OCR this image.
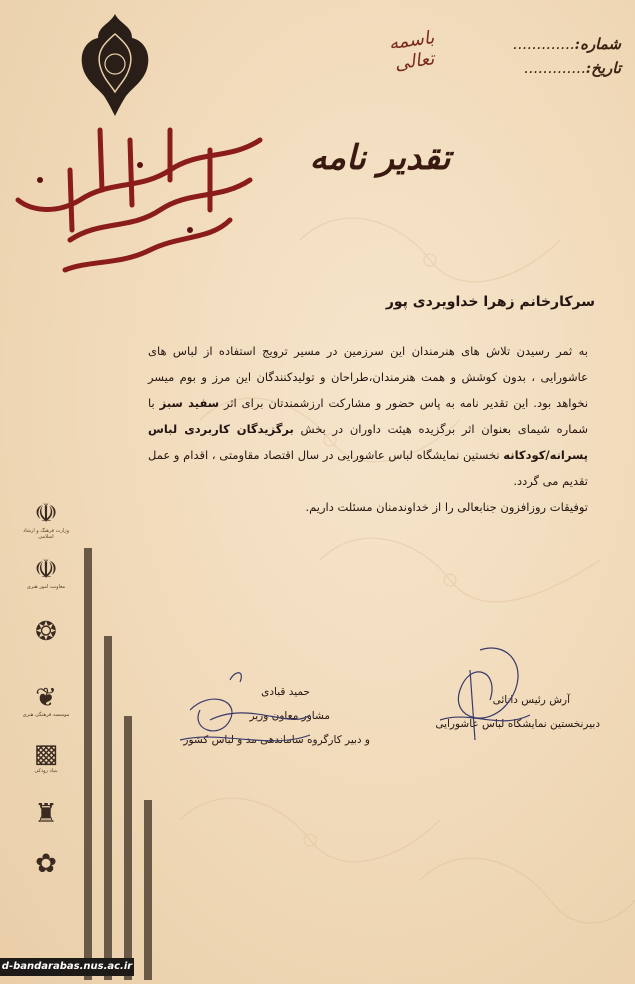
شماره:.............
تاریخ:.............
باسمه تعالی
تقدیر نامه
سرکارخانم زهرا خداویردی پور
به ثمر رسیدن تلاش های هنرمندان این سرزمین در مسیر ترویج استفاده از لباس های عاشورایی ، بدون کوشش و همت هنرمندان،طراحان و تولیدکنندگان این مرز و بوم میسر نخواهد بود. این تقدیر نامه به پاس حضور و مشارکت ارزشمندتان برای اثر سفید سبز با شماره شیمای بعنوان اثر برگزیده هیئت داوران در بخش برگزیدگان کاربردی لباس پسرانه/کودکانه نخستین نمایشگاه لباس عاشورایی در سال اقتصاد مقاومتی ، اقدام و عمل تقدیم می گردد.
توفیقات روزافزون جنابعالی را از خداوندمنان مسئلت داریم.
حمید قبادی
مشاور معاون وزیر
و دبیر کارگروه ساماندهی مد و لباس کشور
آرش رئیس دانائی
دبیرنخستین نمایشگاه لباس عاشورایی
☫
وزارت فرهنگ و ارشاد اسلامی
☫
معاونت امور هنری
❂
❦
موسسه فرهنگی هنری
▩
بنیاد رودکی
♜
✿
d-bandarabas.nus.ac.ir
